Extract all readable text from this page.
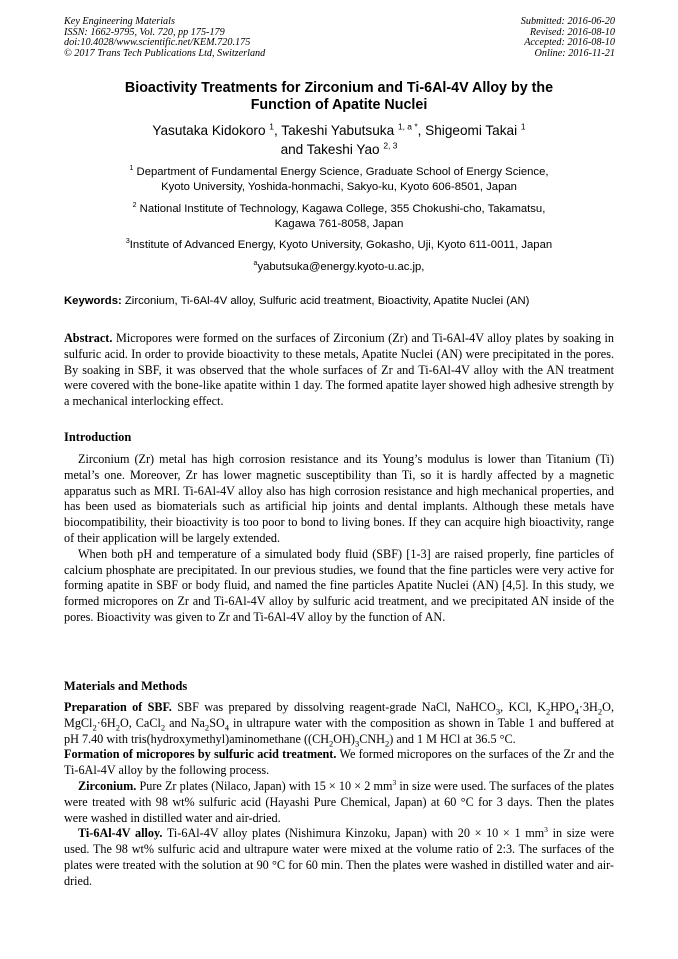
Key Engineering Materials
ISSN: 1662-9795, Vol. 720, pp 175-179
doi:10.4028/www.scientific.net/KEM.720.175
© 2017 Trans Tech Publications Ltd, Switzerland
Submitted: 2016-06-20
Revised: 2016-08-10
Accepted: 2016-08-10
Online: 2016-11-21
Bioactivity Treatments for Zirconium and Ti-6Al-4V Alloy by the
Function of Apatite Nuclei
Yasutaka Kidokoro $^1$, Takeshi Yabutsuka $^{1, a *}$, Shigeomi Takai $^1$
and Takeshi Yao $^{2, 3}$
$^1$ Department of Fundamental Energy Science, Graduate School of Energy Science,
Kyoto University, Yoshida-honmachi, Sakyo-ku, Kyoto 606-8501, Japan
$^2$ National Institute of Technology, Kagawa College, 355 Chokushi-cho, Takamatsu,
Kagawa 761-8058, Japan
$^3$Institute of Advanced Energy, Kyoto University, Gokasho, Uji, Kyoto 611-0011, Japan
$^a$yabutsuka@energy.kyoto-u.ac.jp,
Keywords: Zirconium, Ti-6Al-4V alloy, Sulfuric acid treatment, Bioactivity, Apatite Nuclei (AN)

Abstract. Micropores were formed on the surfaces of Zirconium (Zr) and Ti-6Al-4V alloy plates by soaking in sulfuric acid. In order to provide bioactivity to these metals, Apatite Nuclei (AN) were precipitated in the pores. By soaking in SBF, it was observed that the whole surfaces of Zr and Ti-6Al-4V alloy with the AN treatment were covered with the bone-like apatite within 1 day. The formed apatite layer showed high adhesive strength by a mechanical interlocking effect.

Introduction

Zirconium (Zr) metal has high corrosion resistance and its Young’s modulus is lower than Titanium (Ti) metal’s one. Moreover, Zr has lower magnetic susceptibility than Ti, so it is hardly affected by a magnetic apparatus such as MRI. Ti-6Al-4V alloy also has high corrosion resistance and high mechanical properties, and has been used as biomaterials such as artificial hip joints and dental implants. Although these metals have biocompatibility, their bioactivity is too poor to bond to living bones. If they can acquire high bioactivity, range of their application will be largely extended.

When both pH and temperature of a simulated body fluid (SBF) [1-3] are raised properly, fine particles of calcium phosphate are precipitated. In our previous studies, we found that the fine particles were very active for forming apatite in SBF or body fluid, and named the fine particles Apatite Nuclei (AN) [4,5]. In this study, we formed micropores on Zr and Ti-6Al-4V alloy by sulfuric acid treatment, and we precipitated AN inside of the pores. Bioactivity was given to Zr and Ti-6Al-4V alloy by the function of AN.

Materials and Methods

Preparation of SBF. SBF was prepared by dissolving reagent-grade NaCl, NaHCO$_3$, KCl, $K_2HPO_4\cdot 3H_2O$, $MgCl_2\cdot 6H_2O$, CaCl$_2$ and $Na_2SO_4$ in ultrapure water with the composition as shown in Table 1 and buffered at pH 7.40 with tris(hydroxymethyl)aminomethane $((CH_2OH)_3CNH_2)$ and 1 M HCl at 36.5 °C.

Formation of micropores by sulfuric acid treatment. We formed micropores on the surfaces of the Zr and the Ti-6Al-4V alloy by the following process.

Zirconium. Pure Zr plates (Nilaco, Japan) with 15 × 10 × 2 $mm^3$ in size were used. The surfaces of the plates were treated with 98 wt% sulfuric acid (Hayashi Pure Chemical, Japan) at 60 °C for 3 days. Then the plates were washed in distilled water and air-dried.

Ti-6Al-4V alloy. Ti-6Al-4V alloy plates (Nishimura Kinzoku, Japan) with 20 × 10 × 1 $mm^3$ in size were used. The 98 wt% sulfuric acid and ultrapure water were mixed at the volume ratio of 2:3. The surfaces of the plates were treated with the solution at 90 °C for 60 min. Then the plates were washed in distilled water and air-dried.
